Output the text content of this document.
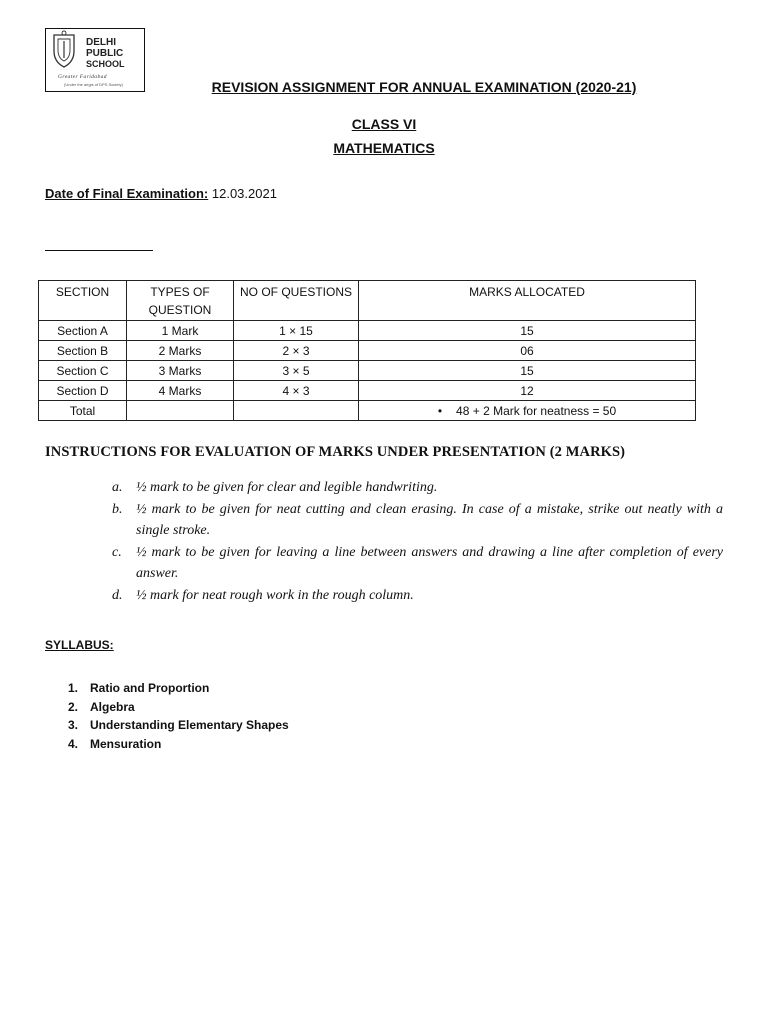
DELHI
PUBLIC
SCHOOL
Greater Faridabad
(Under the aegis of DPS Society)	REVISION ASSIGNMENT FOR ANNUAL EXAMINATION (2020-21)
CLASS VI
MATHEMATICS
Date of Final Examination: 12.03.2021
SECTION	TYPES OF QUESTION	NO OF QUESTIONS	MARKS ALLOCATED
Section A	1 Mark	1 × 15	15
Section B	2 Marks	2 × 3	06
Section C	3 Marks	3 × 5	15
Section D	4 Marks	4 × 3	12
Total			• 48 + 2 Mark for neatness = 50
INSTRUCTIONS FOR EVALUATION OF MARKS UNDER PRESENTATION (2 MARKS)
a. ½ mark to be given for clear and legible handwriting.
b. ½ mark to be given for neat cutting and clean erasing. In case of a mistake, strike out neatly with a single stroke.
c. ½ mark to be given for leaving a line between answers and drawing a line after completion of every answer.
d. ½ mark for neat rough work in the rough column.
SYLLABUS:
1. Ratio and Proportion
2. Algebra
3. Understanding Elementary Shapes
4. Mensuration
